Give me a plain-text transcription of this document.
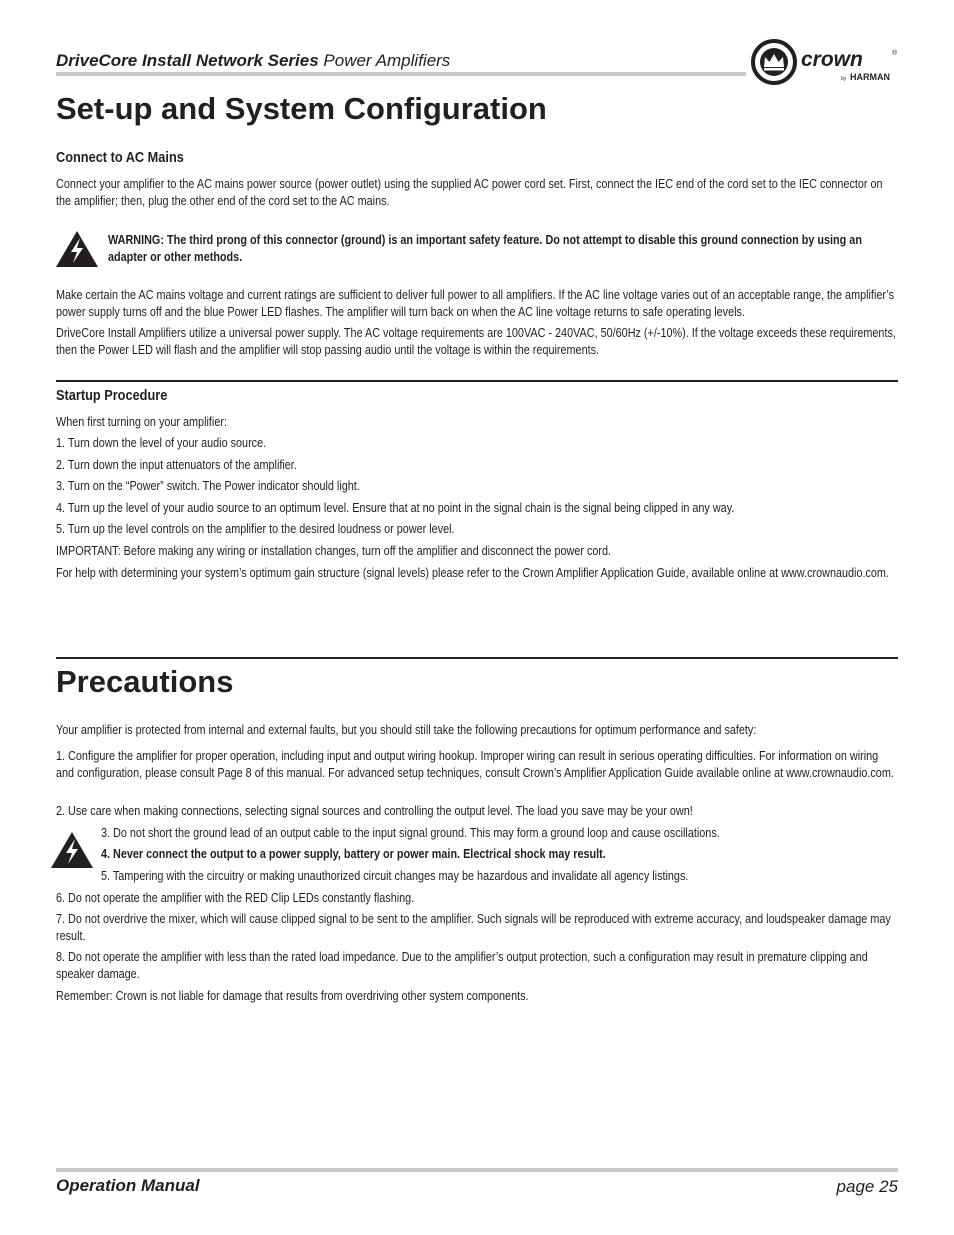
DriveCore Install Network Series Power Amplifiers	crown	®
by HARMAN
Set-up and System Configuration
Connect to AC Mains
Connect your amplifier to the AC mains power source (power outlet) using the supplied AC power cord set. First, connect the IEC end of the cord set to the IEC connector on the amplifier; then, plug the other end of the cord set to the AC mains.
WARNING: The third prong of this connector (ground) is an important safety feature. Do not attempt to disable this ground connection by using an adapter or other methods.
Make certain the AC mains voltage and current ratings are sufficient to deliver full power to all amplifiers. If the AC line voltage varies out of an acceptable range, the amplifier’s power supply turns off and the blue Power LED flashes. The amplifier will turn back on when the AC line voltage returns to safe operating levels.
DriveCore Install Amplifiers utilize a universal power supply. The AC voltage requirements are 100VAC - 240VAC, 50/60Hz (+/-10%). If the voltage exceeds these requirements, then the Power LED will flash and the amplifier will stop passing audio until the voltage is within the requirements.
Startup Procedure
When first turning on your amplifier:
1. Turn down the level of your audio source.
2. Turn down the input attenuators of the amplifier.
3. Turn on the “Power” switch. The Power indicator should light.
4. Turn up the level of your audio source to an optimum level. Ensure that at no point in the signal chain is the signal being clipped in any way.
5. Turn up the level controls on the amplifier to the desired loudness or power level.
IMPORTANT: Before making any wiring or installation changes, turn off the amplifier and disconnect the power cord.
For help with determining your system’s optimum gain structure (signal levels) please refer to the Crown Amplifier Application Guide, available online at www.crownaudio.com.
Precautions
Your amplifier is protected from internal and external faults, but you should still take the following precautions for optimum performance and safety:
1. Configure the amplifier for proper operation, including input and output wiring hookup. Improper wiring can result in serious operating difficulties. For information on wiring and configuration, please consult Page 8 of this manual. For advanced setup techniques, consult Crown’s Amplifier Application Guide available online at www.crownaudio.com.
2. Use care when making connections, selecting signal sources and controlling the output level. The load you save may be your own!
3. Do not short the ground lead of an output cable to the input signal ground. This may form a ground loop and cause oscillations.
4. Never connect the output to a power supply, battery or power main. Electrical shock may result.
5. Tampering with the circuitry or making unauthorized circuit changes may be hazardous and invalidate all agency listings.
6. Do not operate the amplifier with the RED Clip LEDs constantly flashing.
7. Do not overdrive the mixer, which will cause clipped signal to be sent to the amplifier. Such signals will be reproduced with extreme accuracy, and loudspeaker damage may result.
8. Do not operate the amplifier with less than the rated load impedance. Due to the amplifier’s output protection, such a configuration may result in premature clipping and speaker damage.
Remember: Crown is not liable for damage that results from overdriving other system components.
Operation Manual	page 25
